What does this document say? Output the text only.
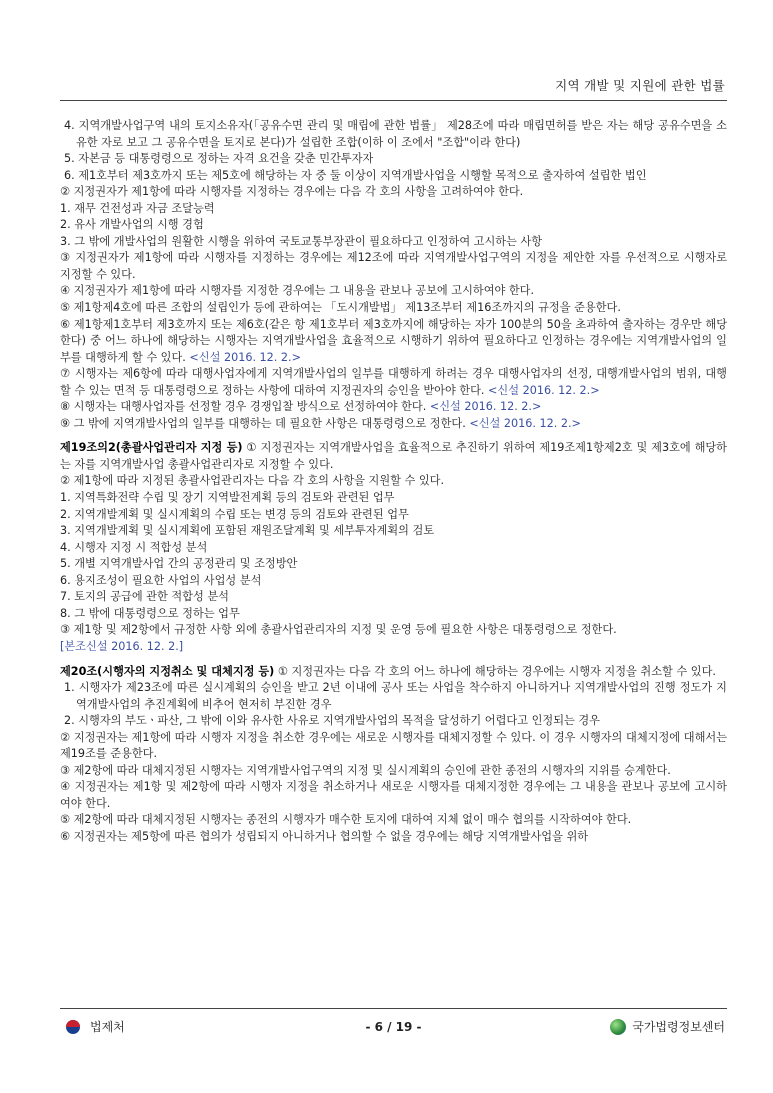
지역 개발 및 지원에 관한 법률

4. 지역개발사업구역 내의 토지소유자(「공유수면 관리 및 매립에 관한 법률」 제28조에 따라 매립면허를 받은 자는 해당 공유수면을 소유한 자로 보고 그 공유수면을 토지로 본다)가 설립한 조합(이하 이 조에서 "조합"이라 한다)

5. 자본금 등 대통령령으로 정하는 자격 요건을 갖춘 민간투자자

6. 제1호부터 제3호까지 또는 제5호에 해당하는 자 중 둘 이상이 지역개발사업을 시행할 목적으로 출자하여 설립한 법인

② 지정권자가 제1항에 따라 시행자를 지정하는 경우에는 다음 각 호의 사항을 고려하여야 한다.

1. 재무 건전성과 자금 조달능력

2. 유사 개발사업의 시행 경험

3. 그 밖에 개발사업의 원활한 시행을 위하여 국토교통부장관이 필요하다고 인정하여 고시하는 사항

③ 지정권자가 제1항에 따라 시행자를 지정하는 경우에는 제12조에 따라 지역개발사업구역의 지정을 제안한 자를 우선적으로 시행자로 지정할 수 있다.

④ 지정권자가 제1항에 따라 시행자를 지정한 경우에는 그 내용을 관보나 공보에 고시하여야 한다.

⑤ 제1항제4호에 따른 조합의 설립인가 등에 관하여는 「도시개발법」 제13조부터 제16조까지의 규정을 준용한다.

⑥ 제1항제1호부터 제3호까지 또는 제6호(같은 항 제1호부터 제3호까지에 해당하는 자가 100분의 50을 초과하여 출자하는 경우만 해당한다) 중 어느 하나에 해당하는 시행자는 지역개발사업을 효율적으로 시행하기 위하여 필요하다고 인정하는 경우에는 지역개발사업의 일부를 대행하게 할 수 있다. <신설 2016. 12. 2.>

⑦ 시행자는 제6항에 따라 대행사업자에게 지역개발사업의 일부를 대행하게 하려는 경우 대행사업자의 선정, 대행개발사업의 범위, 대행할 수 있는 면적 등 대통령령으로 정하는 사항에 대하여 지정권자의 승인을 받아야 한다. <신설 2016. 12. 2.>

⑧ 시행자는 대행사업자를 선정할 경우 경쟁입찰 방식으로 선정하여야 한다. <신설 2016. 12. 2.>

⑨ 그 밖에 지역개발사업의 일부를 대행하는 데 필요한 사항은 대통령령으로 정한다. <신설 2016. 12. 2.>

제19조의2(총괄사업관리자 지정 등) ① 지정권자는 지역개발사업을 효율적으로 추진하기 위하여 제19조제1항제2호 및 제3호에 해당하는 자를 지역개발사업 총괄사업관리자로 지정할 수 있다.

② 제1항에 따라 지정된 총괄사업관리자는 다음 각 호의 사항을 지원할 수 있다.

1. 지역특화전략 수립 및 장기 지역발전계획 등의 검토와 관련된 업무

2. 지역개발계획 및 실시계획의 수립 또는 변경 등의 검토와 관련된 업무

3. 지역개발계획 및 실시계획에 포함된 재원조달계획 및 세부투자계획의 검토

4. 시행자 지정 시 적합성 분석

5. 개별 지역개발사업 간의 공정관리 및 조정방안

6. 용지조성이 필요한 사업의 사업성 분석

7. 토지의 공급에 관한 적합성 분석

8. 그 밖에 대통령령으로 정하는 업무

③ 제1항 및 제2항에서 규정한 사항 외에 총괄사업관리자의 지정 및 운영 등에 필요한 사항은 대통령령으로 정한다.

[본조신설 2016. 12. 2.]

제20조(시행자의 지정취소 및 대체지정 등) ① 지정권자는 다음 각 호의 어느 하나에 해당하는 경우에는 시행자 지정을 취소할 수 있다.

1. 시행자가 제23조에 따른 실시계획의 승인을 받고 2년 이내에 공사 또는 사업을 착수하지 아니하거나 지역개발사업의 진행 정도가 지역개발사업의 추진계획에 비추어 현저히 부진한 경우

2. 시행자의 부도ㆍ파산, 그 밖에 이와 유사한 사유로 지역개발사업의 목적을 달성하기 어렵다고 인정되는 경우

② 지정권자는 제1항에 따라 시행자 지정을 취소한 경우에는 새로운 시행자를 대체지정할 수 있다. 이 경우 시행자의 대체지정에 대해서는 제19조를 준용한다.

③ 제2항에 따라 대체지정된 시행자는 지역개발사업구역의 지정 및 실시계획의 승인에 관한 종전의 시행자의 지위를 승계한다.

④ 지정권자는 제1항 및 제2항에 따라 시행자 지정을 취소하거나 새로운 시행자를 대체지정한 경우에는 그 내용을 관보나 공보에 고시하여야 한다.

⑤ 제2항에 따라 대체지정된 시행자는 종전의 시행자가 매수한 토지에 대하여 지체 없이 매수 협의를 시작하여야 한다.

⑥ 지정권자는 제5항에 따른 협의가 성립되지 아니하거나 협의할 수 없을 경우에는 해당 지역개발사업을 위하

법제처	- 6 / 19 -	국가법령정보센터
